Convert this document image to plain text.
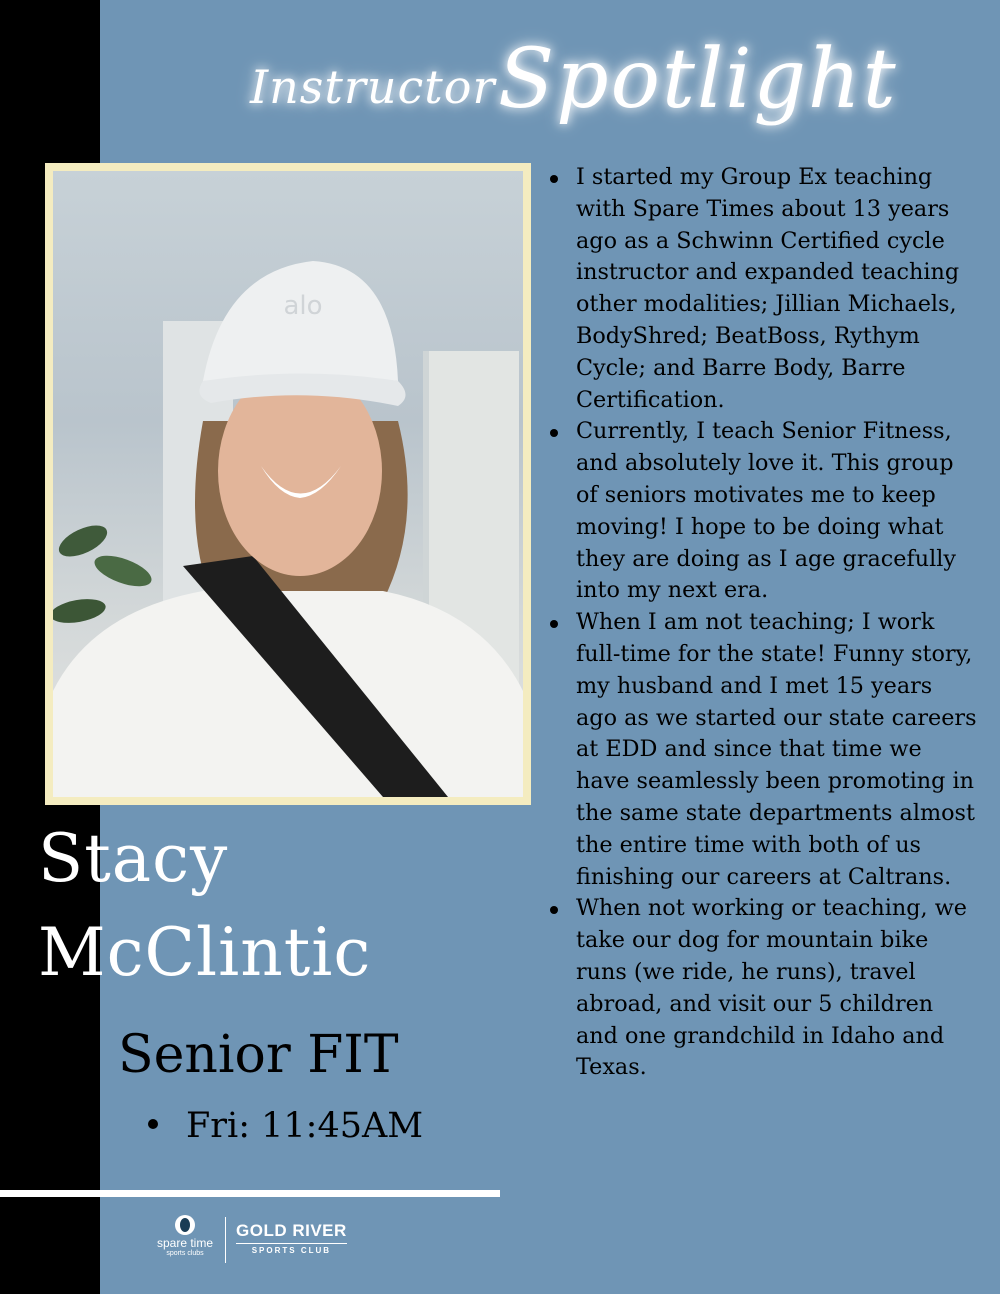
Instructor Spotlight
alo
Stacy
McClintic
Senior FIT
Fri: 11:45AM
I started my Group Ex teaching with Spare Times about 13 years ago as a Schwinn Certified cycle instructor and expanded teaching other modalities; Jillian Michaels, BodyShred; BeatBoss, Rythym Cycle; and Barre Body, Barre Certification.
Currently, I teach Senior Fitness, and absolutely love it. This group of seniors motivates me to keep moving! I hope to be doing what they are doing as I age gracefully into my next era.
When I am not teaching; I work full-time for the state! Funny story, my husband and I met 15 years ago as we started our state careers at EDD and since that time we have seamlessly been promoting in the same state departments almost the entire time with both of us finishing our careers at Caltrans.
When not working or teaching, we take our dog for mountain bike runs (we ride, he runs), travel abroad, and visit our 5 children and one grandchild in Idaho and Texas.
spare time
sports clubs
GOLD RIVER
SPORTS CLUB
